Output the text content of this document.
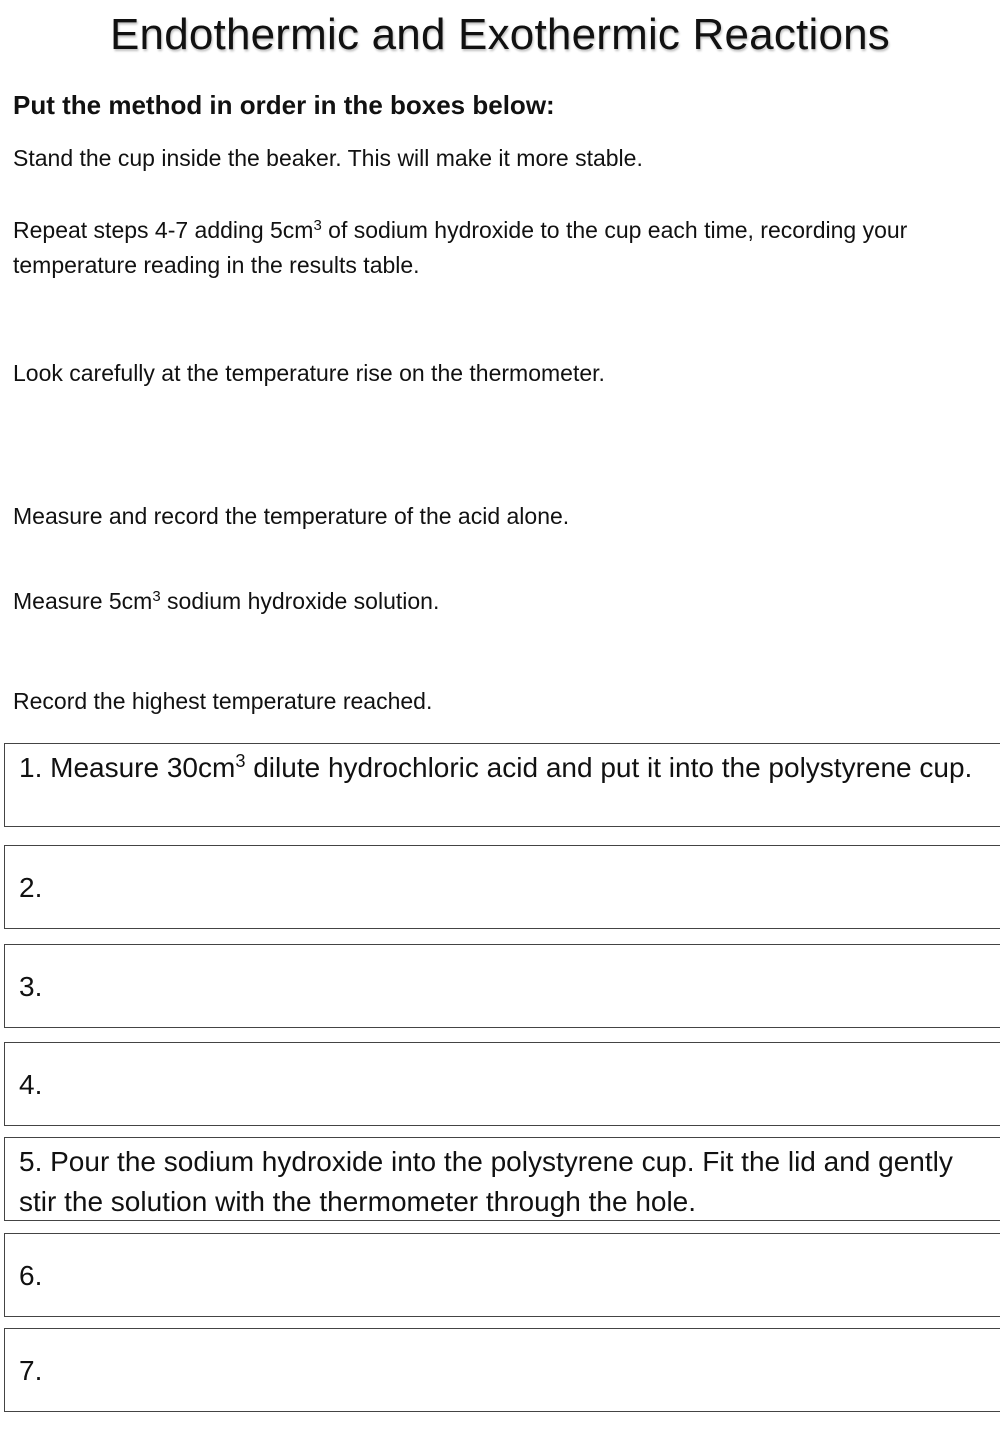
Endothermic and Exothermic Reactions
Put the method in order in the boxes below:
Stand the cup inside the beaker. This will make it more stable.
Repeat steps 4-7 adding $5cm^3$ of sodium hydroxide to the cup each time, recording your temperature reading in the results table.
Look carefully at the temperature rise on the thermometer.
Measure and record the temperature of the acid alone.
Measure $5cm^3$ sodium hydroxide solution.
Record the highest temperature reached.
1. Measure $30cm^3$ dilute hydrochloric acid and put it into the polystyrene cup.
2.
3.
4.
5. Pour the sodium hydroxide into the polystyrene cup. Fit the lid and gently stir the solution with the thermometer through the hole.
6.
7.
